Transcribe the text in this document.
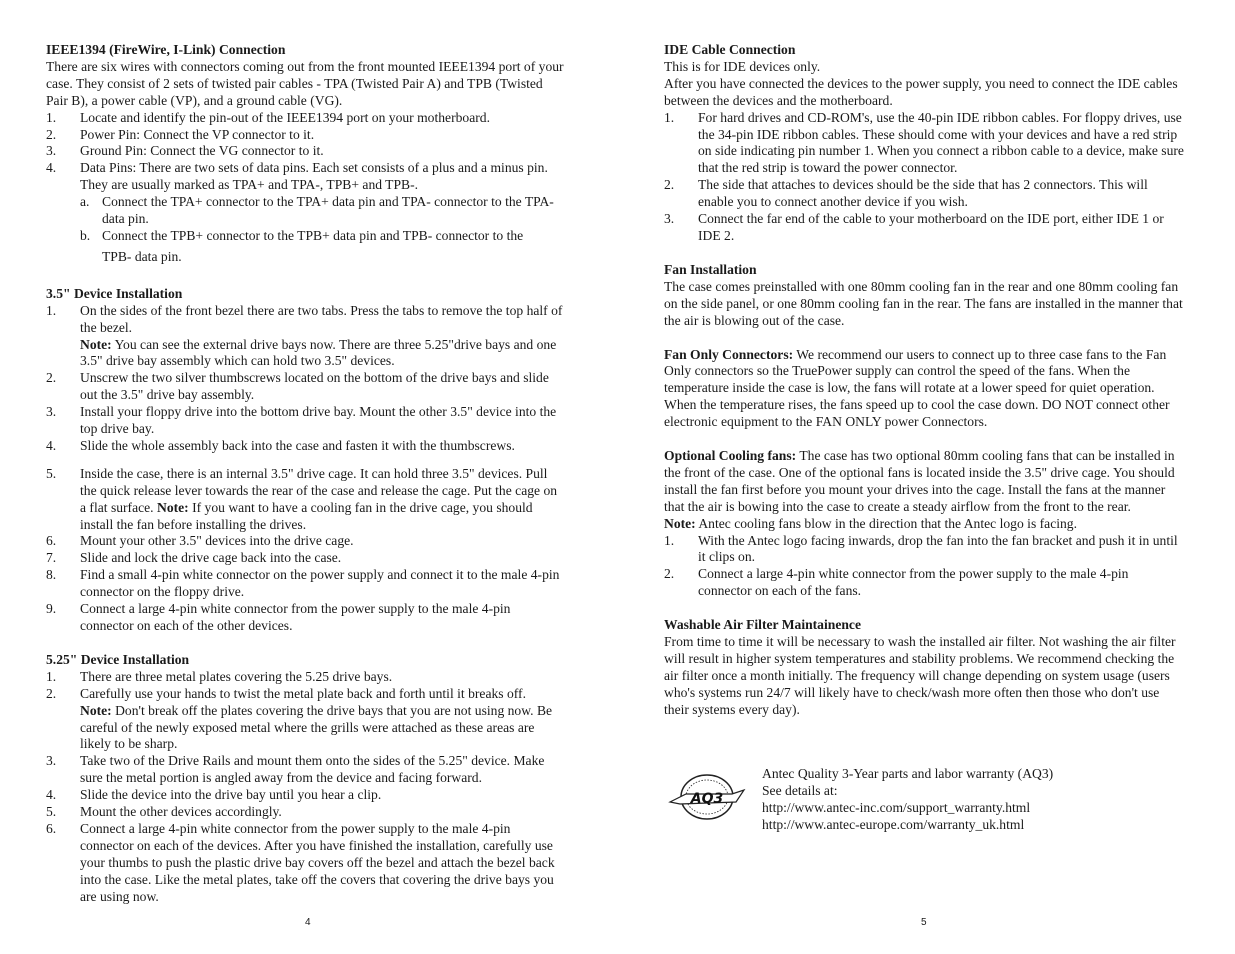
IEEE1394 (FireWire, I-Link) Connection

There are six wires with connectors coming out from the front mounted IEEE1394 port of your case. They consist of 2 sets of twisted pair cables - TPA (Twisted Pair A) and TPB (Twisted Pair B), a power cable (VP), and a ground cable (VG).

1. Locate and identify the pin-out of the IEEE1394 port on your motherboard.
2. Power Pin: Connect the VP connector to it.
3. Ground Pin: Connect the VG connector to it.
4. Data Pins: There are two sets of data pins. Each set consists of a plus and a minus pin. They are usually marked as TPA+ and TPA-, TPB+ and TPB-.
a. Connect the TPA+ connector to the TPA+ data pin and TPA- connector to the TPA- data pin.
b. Connect the TPB+ connector to the TPB+ data pin and TPB- connector to the
TPB- data pin.

3.5" Device Installation

1. On the sides of the front bezel there are two tabs. Press the tabs to remove the top half of the bezel.
Note: You can see the external drive bays now. There are three 5.25"drive bays and one 3.5" drive bay assembly which can hold two 3.5" devices.
2. Unscrew the two silver thumbscrews located on the bottom of the drive bays and slide out the 3.5" drive bay assembly.
3. Install your floppy drive into the bottom drive bay. Mount the other 3.5" device into the top drive bay.
4. Slide the whole assembly back into the case and fasten it with the thumbscrews.
5. Inside the case, there is an internal 3.5" drive cage. It can hold three 3.5" devices. Pull the quick release lever towards the rear of the case and release the cage. Put the cage on a flat surface. Note: If you want to have a cooling fan in the drive cage, you should install the fan before installing the drives.
6. Mount your other 3.5" devices into the drive cage.
7. Slide and lock the drive cage back into the case.
8. Find a small 4-pin white connector on the power supply and connect it to the male 4-pin connector on the floppy drive.
9. Connect a large 4-pin white connector from the power supply to the male 4-pin connector on each of the other devices.

5.25" Device Installation

1. There are three metal plates covering the 5.25 drive bays.
2. Carefully use your hands to twist the metal plate back and forth until it breaks off.
Note: Don't break off the plates covering the drive bays that you are not using now. Be careful of the newly exposed metal where the grills were attached as these areas are likely to be sharp.
3. Take two of the Drive Rails and mount them onto the sides of the 5.25" device. Make sure the metal portion is angled away from the device and facing forward.
4. Slide the device into the drive bay until you hear a clip.
5. Mount the other devices accordingly.
6. Connect a large 4-pin white connector from the power supply to the male 4-pin connector on each of the devices. After you have finished the installation, carefully use your thumbs to push the plastic drive bay covers off the bezel and attach the bezel back into the case. Like the metal plates, take off the covers that covering the drive bays you are using now.
4

IDE Cable Connection

This is for IDE devices only.

After you have connected the devices to the power supply, you need to connect the IDE cables between the devices and the motherboard.

1. For hard drives and CD-ROM's, use the 40-pin IDE ribbon cables. For floppy drives, use the 34-pin IDE ribbon cables. These should come with your devices and have a red strip on side indicating pin number 1. When you connect a ribbon cable to a device, make sure that the red strip is toward the power connector.
2. The side that attaches to devices should be the side that has 2 connectors. This will enable you to connect another device if you wish.
3. Connect the far end of the cable to your motherboard on the IDE port, either IDE 1 or IDE 2.

Fan Installation

The case comes preinstalled with one 80mm cooling fan in the rear and one 80mm cooling fan on the side panel, or one 80mm cooling fan in the rear. The fans are installed in the manner that the air is blowing out of the case.

Fan Only Connectors: We recommend our users to connect up to three case fans to the Fan Only connectors so the TruePower supply can control the speed of the fans. When the temperature inside the case is low, the fans will rotate at a lower speed for quiet operation. When the temperature rises, the fans speed up to cool the case down. DO NOT connect other electronic equipment to the FAN ONLY power Connectors.

Optional Cooling fans: The case has two optional 80mm cooling fans that can be installed in the front of the case. One of the optional fans is located inside the 3.5" drive cage. You should install the fan first before you mount your drives into the cage. Install the fans at the manner that the air is bowing into the case to create a steady airflow from the front to the rear.

Note: Antec cooling fans blow in the direction that the Antec logo is facing.

1. With the Antec logo facing inwards, drop the fan into the fan bracket and push it in until it clips on.
2. Connect a large 4-pin white connector from the power supply to the male 4-pin connector on each of the fans.

Washable Air Filter Maintainence

From time to time it will be necessary to wash the installed air filter. Not washing the air filter will result in higher system temperatures and stability problems. We recommend checking the air filter once a month initially. The frequency will change depending on system usage (users who's systems run 24/7 will likely have to check/wash more often then those who don't use their systems every day).

AQ3

Antec Quality 3-Year parts and labor warranty (AQ3)

See details at:

http://www.antec-inc.com/support_warranty.html

http://www.antec-europe.com/warranty_uk.html

5
